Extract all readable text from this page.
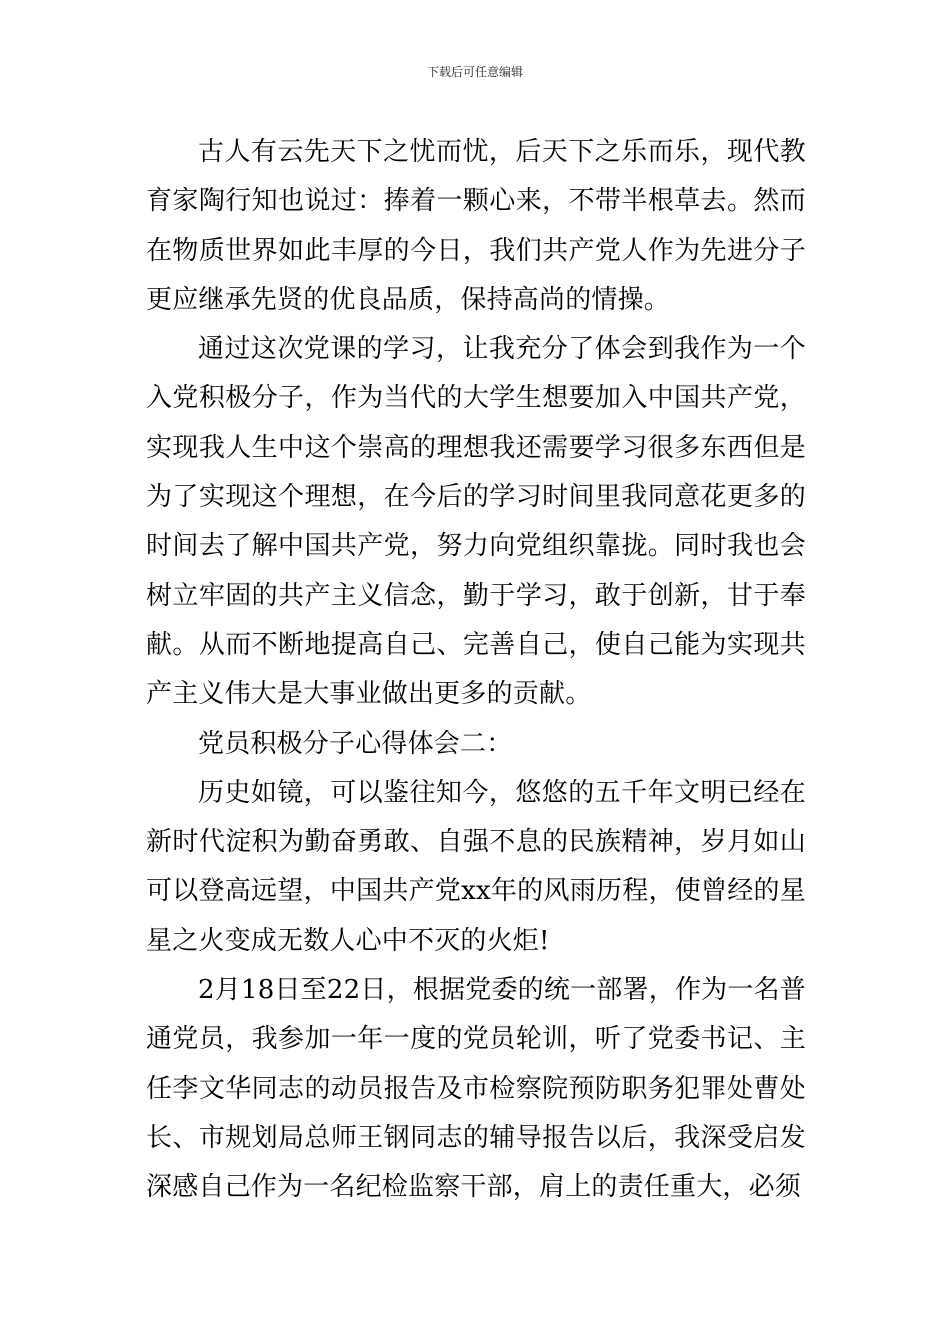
下载后可任意编辑

古人有云先天下之忧而忧，后天下之乐而乐，现代教育家陶行知也说过：捧着一颗心来，不带半根草去。然而在物质世界如此丰厚的今日，我们共产党人作为先进分子更应继承先贤的优良品质，保持高尚的情操。

通过这次党课的学习，让我充分了体会到我作为一个入党积极分子，作为当代的大学生想要加入中国共产党，实现我人生中这个崇高的理想我还需要学习很多东西但是为了实现这个理想，在今后的学习时间里我同意花更多的时间去了解中国共产党，努力向党组织靠拢。同时我也会树立牢固的共产主义信念，勤于学习，敢于创新，甘于奉献。从而不断地提高自己、完善自己，使自己能为实现共产主义伟大是大事业做出更多的贡献。

党员积极分子心得体会二：

历史如镜，可以鉴往知今，悠悠的五千年文明已经在新时代淀积为勤奋勇敢、自强不息的民族精神，岁月如山可以登高远望，中国共产党xx年的风雨历程，使曾经的星星之火变成无数人心中不灭的火炬!

2月18日至22日，根据党委的统一部署，作为一名普通党员，我参加一年一度的党员轮训，听了党委书记、主任李文华同志的动员报告及市检察院预防职务犯罪处曹处长、市规划局总师王钢同志的辅导报告以后，我深受启发深感自己作为一名纪检监察干部，肩上的责任重大，必须
